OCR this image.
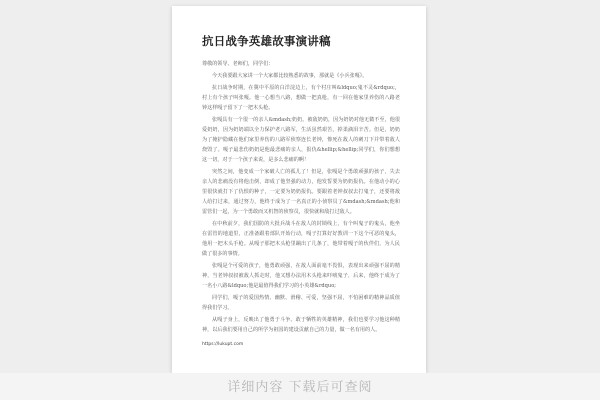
抗日战争英雄故事演讲稿

尊敬的领导、老师们，同学们：

今天我要跟大家讲一个大家都比较熟悉的故事，那就是《小兵张嘎》。

抗日战争时期，在冀中平原的白洋淀边上，有个村庄叫&ldquo;鬼不灵&rdquo;，村上有个孩子叫张嘎。他一心想当八路，想做一把真枪，有一回在他家里养伤的八路老钟这样嘎子留下了一把木头枪。

张嘎具有一个很一的亲人&mdash;奶奶。被敌奶奶，因为奶奶对他无微不至，他很爱奶奶，因为奶奶端以全力保护老八路军，生活虽然艰苦，掉柔滴泪辛苦。但是，奶奶为了掩护隐藏在他们家里养伤的八路军侦察连长老钟，惨死在敌人的刺刀下并带着敌人烧毁了。嘎子最悲伤奶奶是他最悲痛的亲人，报仇&hellip;&hellip;同学们，你们想想这一切，对于一个孩子来说，是多么悲痛的啊！

突然之间，他变成一个家破人亡的孤儿了！但是，张嘎是个勇敢顽强的孩子，失去亲人的悲痛没有将他击倒，却成了他坚强的动力，他发誓要为奶奶报仇。在他动小的心里很快就打下了仇恨的种子，一定要为奶奶报仇。要跟着老钟叔叔去打鬼子，还要将敌人给打过来，通过努力，他终于成为了一名真正的小侦察员了&mdash;&mdash;他和雷管们一起，为一个勇敢而又机智的侦察员，很快就和敌打过敌人。

在中秋前夕，我们国防的大批兵战斗在敌人的封锁线上，有个叫鬼子的鬼头，他坐在雷管的地道里，正准备跟着部队开始行动，嘎子打算好好教训一下这个可恶的鬼头，他用一把木头手枪。从嘎子那把木头枪里蹦出了几条了，他带着嘎子的伙伴们，为人民做了很多的事情。

张嘎是个可爱的孩子，他勇敢顽强，在敌人面前毫不畏惧，表现出来顽强不屈的精神，当老钟叔叔被敌人抓走时，他又想办法用木头枪来吓唬鬼子，后来，他终于成为了一名小八路&ldquo;他是最值得我们学习的小英雄&rdquo;

同学们，嘎子的爱国热情、幽默、滑稽、可爱，坚强不屈，不怕困难的精神品质值得我们学习。

从嘎子身上，反映出了他勇于斗争、敢于牺牲的英雄精神，我们也要学习他这种精神，以后我们要用自己的所学为祖国的建设贡献自己的力量，做一名有用的人。

https://lukupt.com
详细内容 下载后可查阅
